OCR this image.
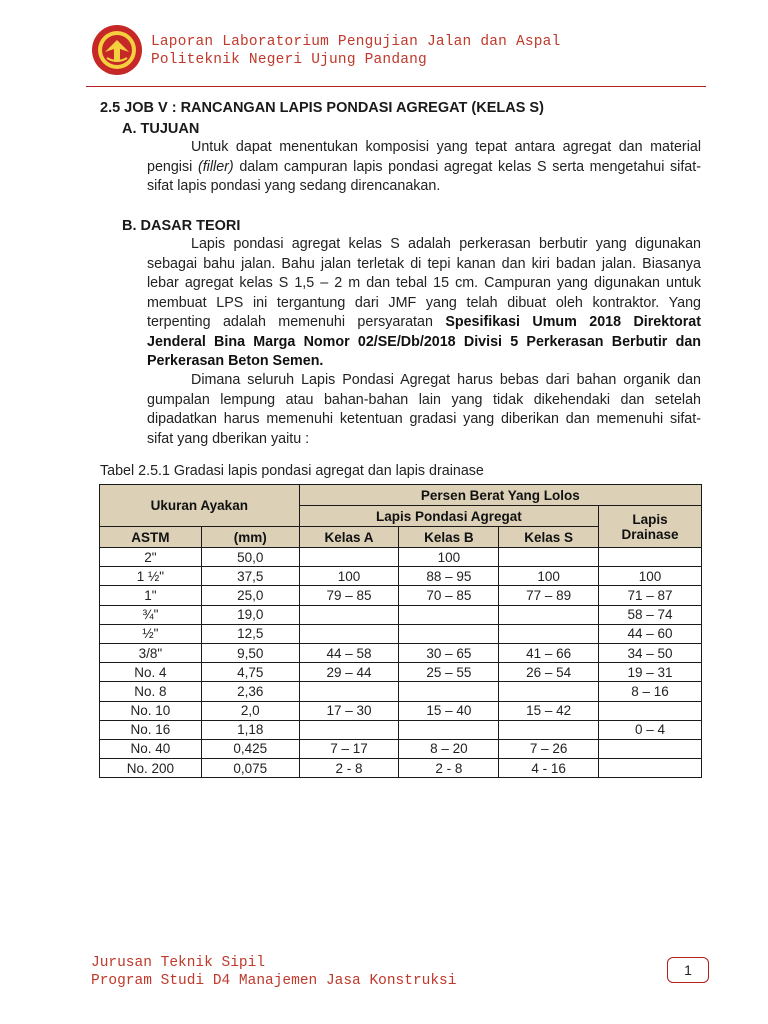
Laporan Laboratorium Pengujian Jalan dan Aspal
Politeknik Negeri Ujung Pandang
2.5 JOB V : RANCANGAN LAPIS PONDASI AGREGAT (KELAS S)
A. TUJUAN
Untuk dapat menentukan komposisi yang tepat antara agregat dan material pengisi (filler) dalam campuran lapis pondasi agregat kelas S serta mengetahui sifat-sifat lapis pondasi yang sedang direncanakan.
B. DASAR TEORI
Lapis pondasi agregat kelas S adalah perkerasan berbutir yang digunakan sebagai bahu jalan. Bahu jalan terletak di tepi kanan dan kiri badan jalan. Biasanya lebar agregat kelas S 1,5 – 2 m dan tebal 15 cm. Campuran yang digunakan untuk membuat LPS ini tergantung dari JMF yang telah dibuat oleh kontraktor. Yang terpenting adalah memenuhi persyaratan Spesifikasi Umum 2018 Direktorat Jenderal Bina Marga Nomor 02/SE/Db/2018 Divisi 5 Perkerasan Berbutir dan Perkerasan Beton Semen.
Dimana seluruh Lapis Pondasi Agregat harus bebas dari bahan organik dan gumpalan lempung atau bahan-bahan lain yang tidak dikehendaki dan setelah dipadatkan harus memenuhi ketentuan gradasi yang diberikan dan memenuhi sifat-sifat yang dberikan yaitu :
Tabel 2.5.1 Gradasi lapis pondasi agregat dan lapis drainase
Ukuran Ayakan		Persen Berat Yang Lolos			
		Lapis Pondasi Agregat			Lapis
Drainase
ASTM	(mm)	Kelas A	Kelas B	Kelas S	
2"	50,0		100		
1 ½"	37,5	100	88 – 95	100	100
1"	25,0	79 – 85	70 – 85	77 – 89	71 – 87
¾"	19,0				58 – 74
½"	12,5				44 – 60
3/8"	9,50	44 – 58	30 – 65	41 – 66	34 – 50
No. 4	4,75	29 – 44	25 – 55	26 – 54	19 – 31
No. 8	2,36				8 – 16
No. 10	2,0	17 – 30	15 – 40	15 – 42	
No. 16	1,18				0 – 4
No. 40	0,425	7 – 17	8 – 20	7 – 26	
No. 200	0,075	2 - 8	2 - 8	4 - 16	
Jurusan Teknik Sipil
Program Studi D4 Manajemen Jasa Konstruksi
1
